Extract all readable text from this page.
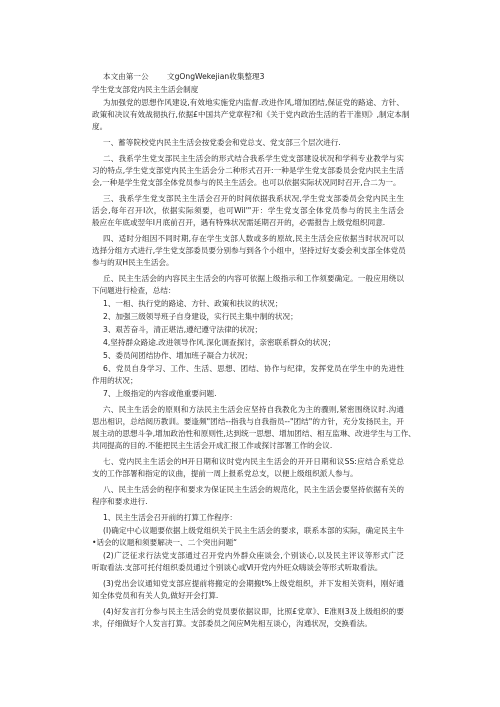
本文由第一公 文gOngWekejian收集整理3
学生党支部党内民主生活会制度
为加强党的思想作风建设,有效地实施党内监督.改进作风,增加团结,保证党的路途、方针、
政策和决议有效战彻执行,依据£中国共产党章程?和《关于党内政治生活的若干准则》,制定本制
度。
一、蓄等院校党内民主生活会按党委会和党总支、党支部三个层次进行.
二、我系学生党支部民主生活会的形式结合我系学生党支部建设状况和学科专业教学与实
习的特点,学生党支部党内民主生活会分二种形式召开:一种是学生党支部委员会党内民主生活
会,一种是学生党支部全体党员参与的民主生活会。也可以依据实际状况同时召开,合二为一。
三、我系学生党支部民主生活会召开的时间依据我系状况,学生党支部委员会党内民主生
活会,每年召开I次，依据实际须要，也可Wil'"开：学生党支部全体党员参与的民主生活会
般应在年底或翌年Ⅰ月底前召开，遇有特殊状况需延期召开的，必需报告上级党组织同意.
四、适时分组因不同时期,存在学生支部人数或多的原故,民主生活会应依据当时状况可以
选择分组方式进行,学生党支部委员要分别参与到各个小组中，坚持过好支委会利支部全体党员
参与的双H民主生活会。
丘、民主生活会的内容民主生活会的内容可依据上级指示和工作须要确定。一般应用绕以
下问题进行检查，总结：
1、一相、执行党的路途、方针、政策和扶议的状况；
2、加强三级领导班子自身建设，实行民主集中制的状况；
3、艰苦奋斗，清正堪洁,遵纪遵守法律的状况；
4,坚持群众路途.改进领导作风.深化调查探讨，亲密联系群众的状况；
5、委员间团结协作、增加班子凝合力状况；
6、党员自身学习、工作、生活、思想、团结、协作与纪律，发挥党员在学生中的先进性
作用的状况；
7、上级指定的内容或他重要问题.
六、民主生活会的原则和方法民主生活会应坚持自我教化为主的骤则,紧密围绕议时.沟通
思出相识，总结阅历教训。要逢频"团结--指我与自我指员--"团结"的方针，充分发扬民主，开
展主动的思想斗争,增加政治性和原则性,达到统一思想、增加团结、相互监琳、改进学生与工作、
共同提高的目的.不能把民主生活会开成汇报工作或探讨部署工作的会议.
七、党内民主生活会的H开日期和议时党内民主生活会的开开日期和议SS:应结合系党总
支的工作部署和指定的议曲，提前一周上报系党总支，以便上级组织派人参与。
八、民主生活会的程序和要求为保证民主生活会的规范化，民主生活会要坚持依据有关的
程序和要求进行.
1、民主生活会召开前的打算工作程序：
(I)确定中心议题要依据上级党组织关于民主生活会的要求，联系本部的实际，确定民主牛
•话会的议题和须要解决一、二个突出问题“
(2)广泛征求行法党支部通过召开党内外群众座谈会,个别谈心,以及民主评议等形式广泛
听取看法.支部可托付组织委员通过个别谈心或Ⅵ开党内外旺众嗨谈会等形式听取看法。
(3)党出会议通知党支部应提前将搬定的会期搬t%上级党组织，并下发相关资料，刚好通
知全体党员和有关人负,做好开会打算.
(4)好发言打分参与民主生活会的党员要依据议即，比照£党章》、E准则3及上级组织的要
求，仔细做好个人发言打算。支部委员之间应M先相互谈心，沟通状况，交换看法。
